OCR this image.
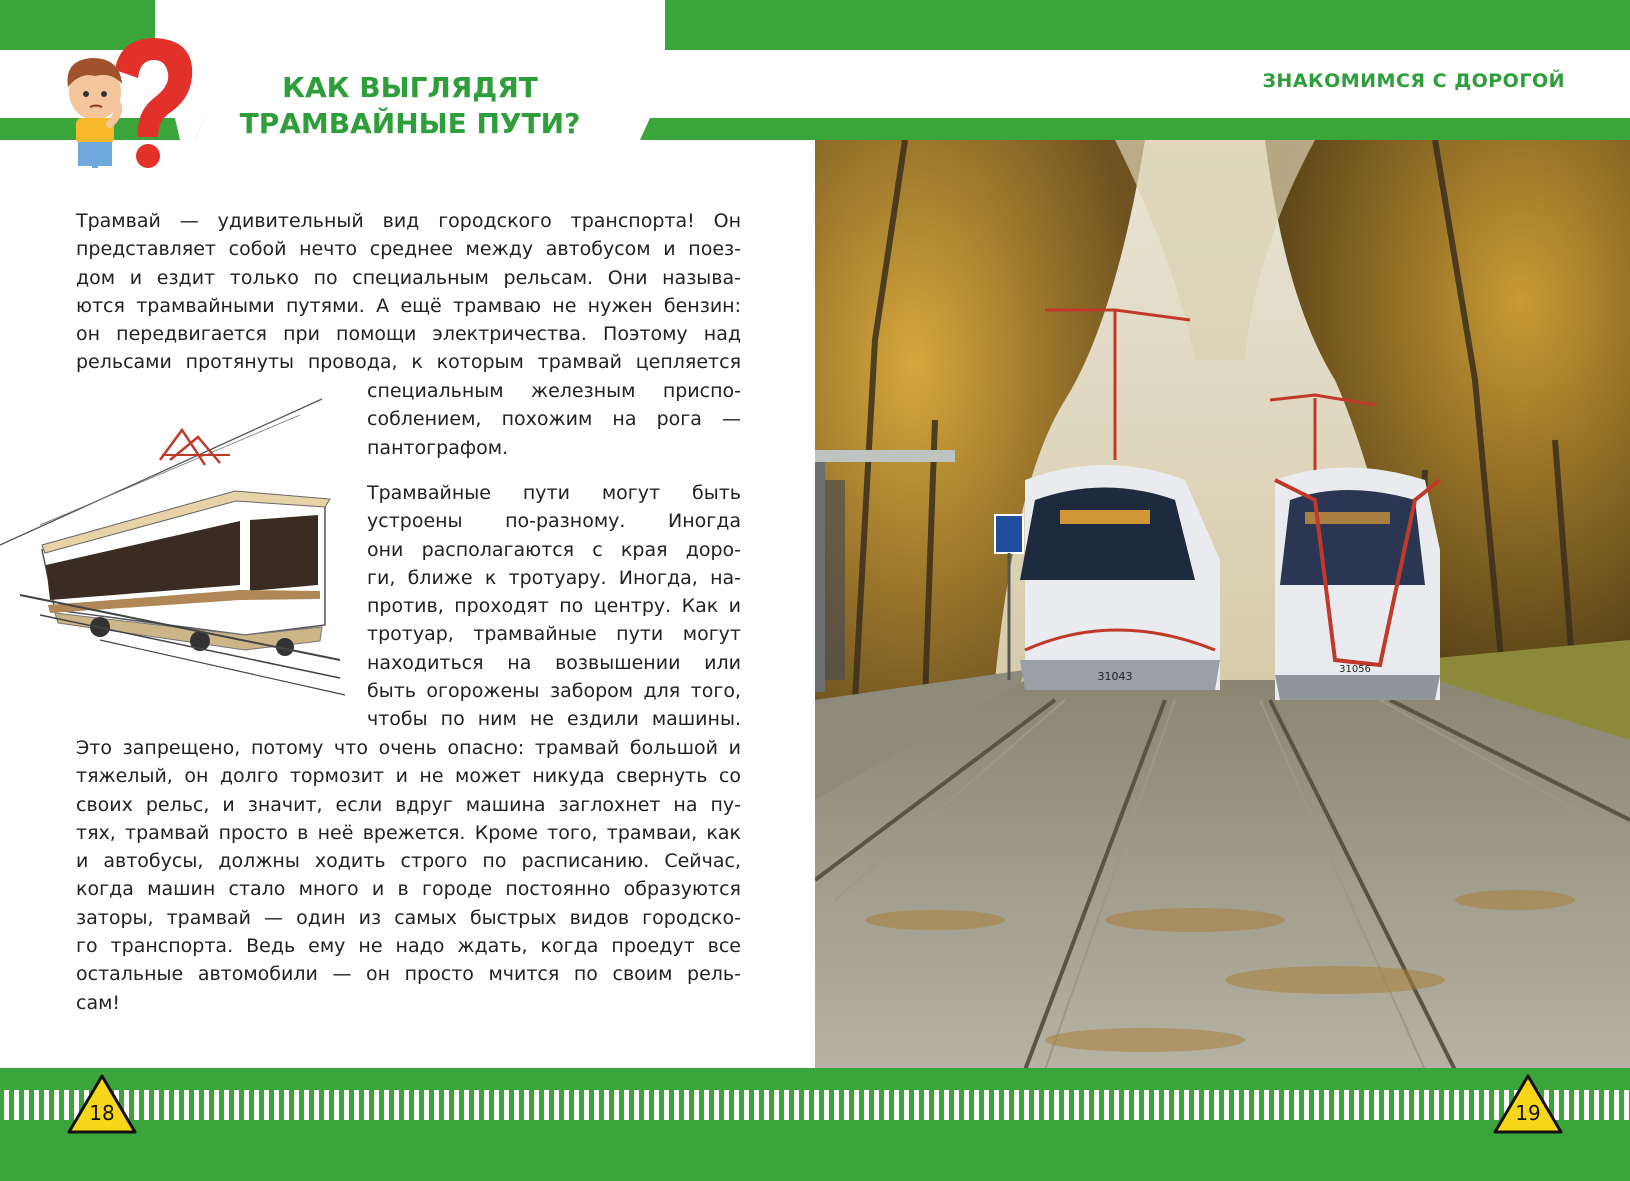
КАК ВЫГЛЯДЯТ
ТРАМВАЙНЫЕ ПУТИ?
ЗНАКОМИМСЯ С ДОРОГОЙ
Трамвай — удивительный вид городского транспорта! Он
представляет собой нечто среднее между автобусом и поез-
дом и ездит только по специальным рельсам. Они называ-
ются трамвайными путями. А ещё трамваю не нужен бензин:
он передвигается при помощи электричества. Поэтому над
рельсами протянуты провода, к которым трамвай цепляется
специальным железным приспо-
соблением, похожим на рога —
пантографом.
Трамвайные пути могут быть
устроены по-разному. Иногда
они располагаются с края доро-
ги, ближе к тротуару. Иногда, на-
против, проходят по центру. Как и
тротуар, трамвайные пути могут
находиться на возвышении или
быть огорожены забором для того,
чтобы по ним не ездили машины.
Это запрещено, потому что очень опасно: трамвай большой и
тяжелый, он долго тормозит и не может никуда свернуть со
своих рельс, и значит, если вдруг машина заглохнет на пу-
тях, трамвай просто в неё врежется. Кроме того, трамваи, как
и автобусы, должны ходить строго по расписанию. Сейчас,
когда машин стало много и в городе постоянно образуются
заторы, трамвай — один из самых быстрых видов городско-
го транспорта. Ведь ему не надо ждать, когда проедут все
остальные автомобили — он просто мчится по своим рель-
сам!
31043
31056
18	19
